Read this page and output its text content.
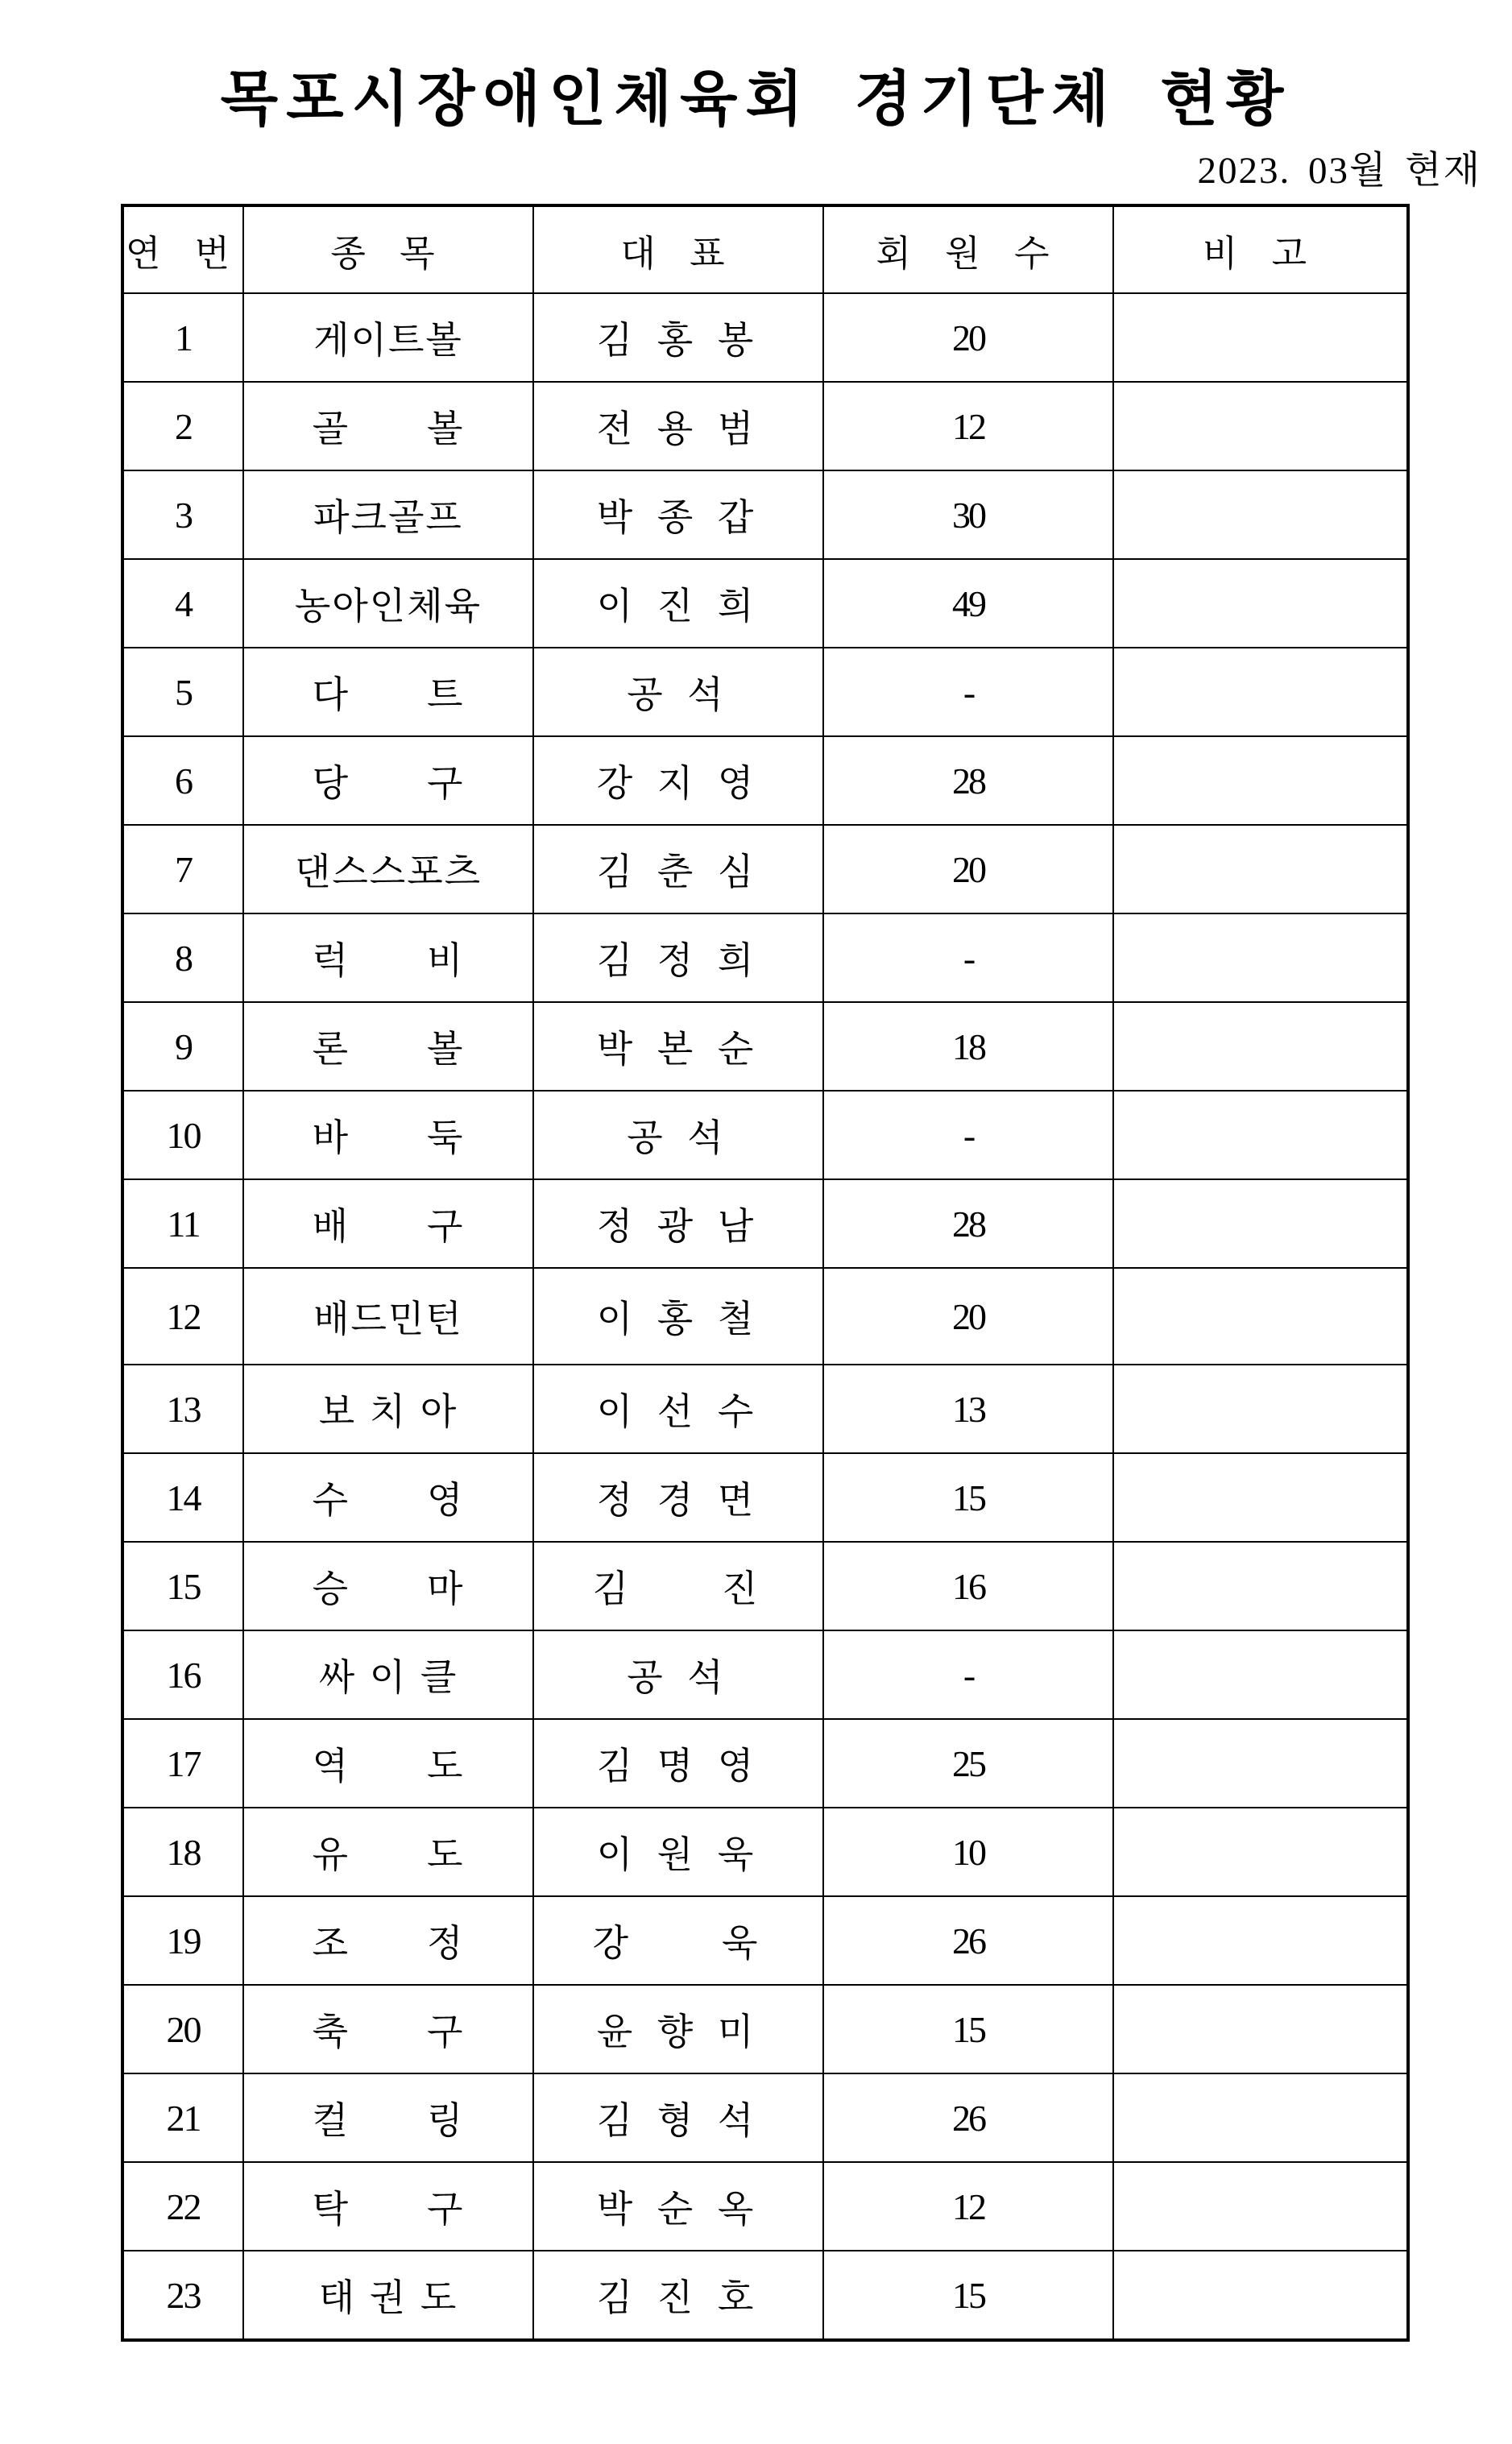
목포시장애인체육회 경기단체 현황
2023. 03월 현재
연 번	종 목	대 표	회 원 수	비 고
1	게이트볼	김 홍 봉	20	
2	골　　볼	전 용 범	12	
3	파크골프	박 종 갑	30	
4	농아인체육	이 진 희	49	
5	다　　트	공 석	-	
6	당　　구	강 지 영	28	
7	댄스스포츠	김 춘 심	20	
8	럭　　비	김 정 희	-	
9	론　　볼	박 본 순	18	
10	바　　둑	공 석	-	
11	배　　구	정 광 남	28	
12	배드민턴	이 홍 철	20	
13	보 치 아	이 선 수	13	
14	수　　영	정 경 면	15	
15	승　　마	김　　진	16	
16	싸 이 클	공 석	-	
17	역　　도	김 명 영	25	
18	유　　도	이 원 욱	10	
19	조　　정	강　　욱	26	
20	축　　구	윤 향 미	15	
21	컬　　링	김 형 석	26	
22	탁　　구	박 순 옥	12	
23	태 권 도	김 진 호	15	
